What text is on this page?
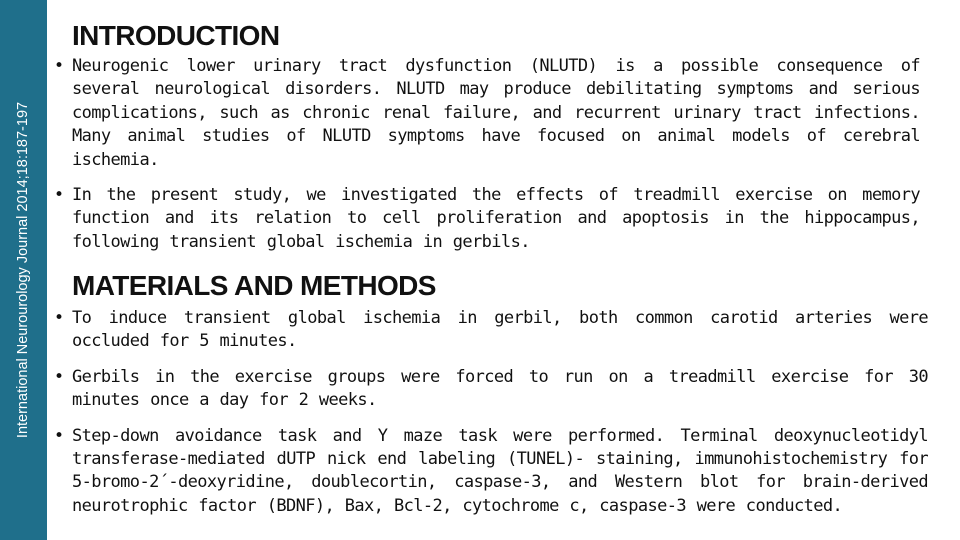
International Neurourology Journal 2014;18:187-197
INTRODUCTION
• Neurogenic lower urinary tract dysfunction (NLUTD) is a possible consequence of several neurological disorders. NLUTD may produce debilitating symptoms and serious complications, such as chronic renal failure, and recurrent urinary tract infections. Many animal studies of NLUTD symptoms have focused on animal models of cerebral ischemia.
• In the present study, we investigated the effects of treadmill exercise on memory function and its relation to cell proliferation and apoptosis in the hippocampus, following transient global ischemia in gerbils.
MATERIALS AND METHODS
• To induce transient global ischemia in gerbil, both common carotid arteries were occluded for 5 minutes.
• Gerbils in the exercise groups were forced to run on a treadmill exercise for 30 minutes once a day for 2 weeks.
• Step-down avoidance task and Y maze task were performed. Terminal deoxynucleotidyl transferase-mediated dUTP nick end labeling (TUNEL)- staining, immunohistochemistry for 5-bromo-2´-deoxyridine, doublecortin, caspase-3, and Western blot for brain-derived neurotrophic factor (BDNF), Bax, Bcl-2, cytochrome c, caspase-3 were conducted.
